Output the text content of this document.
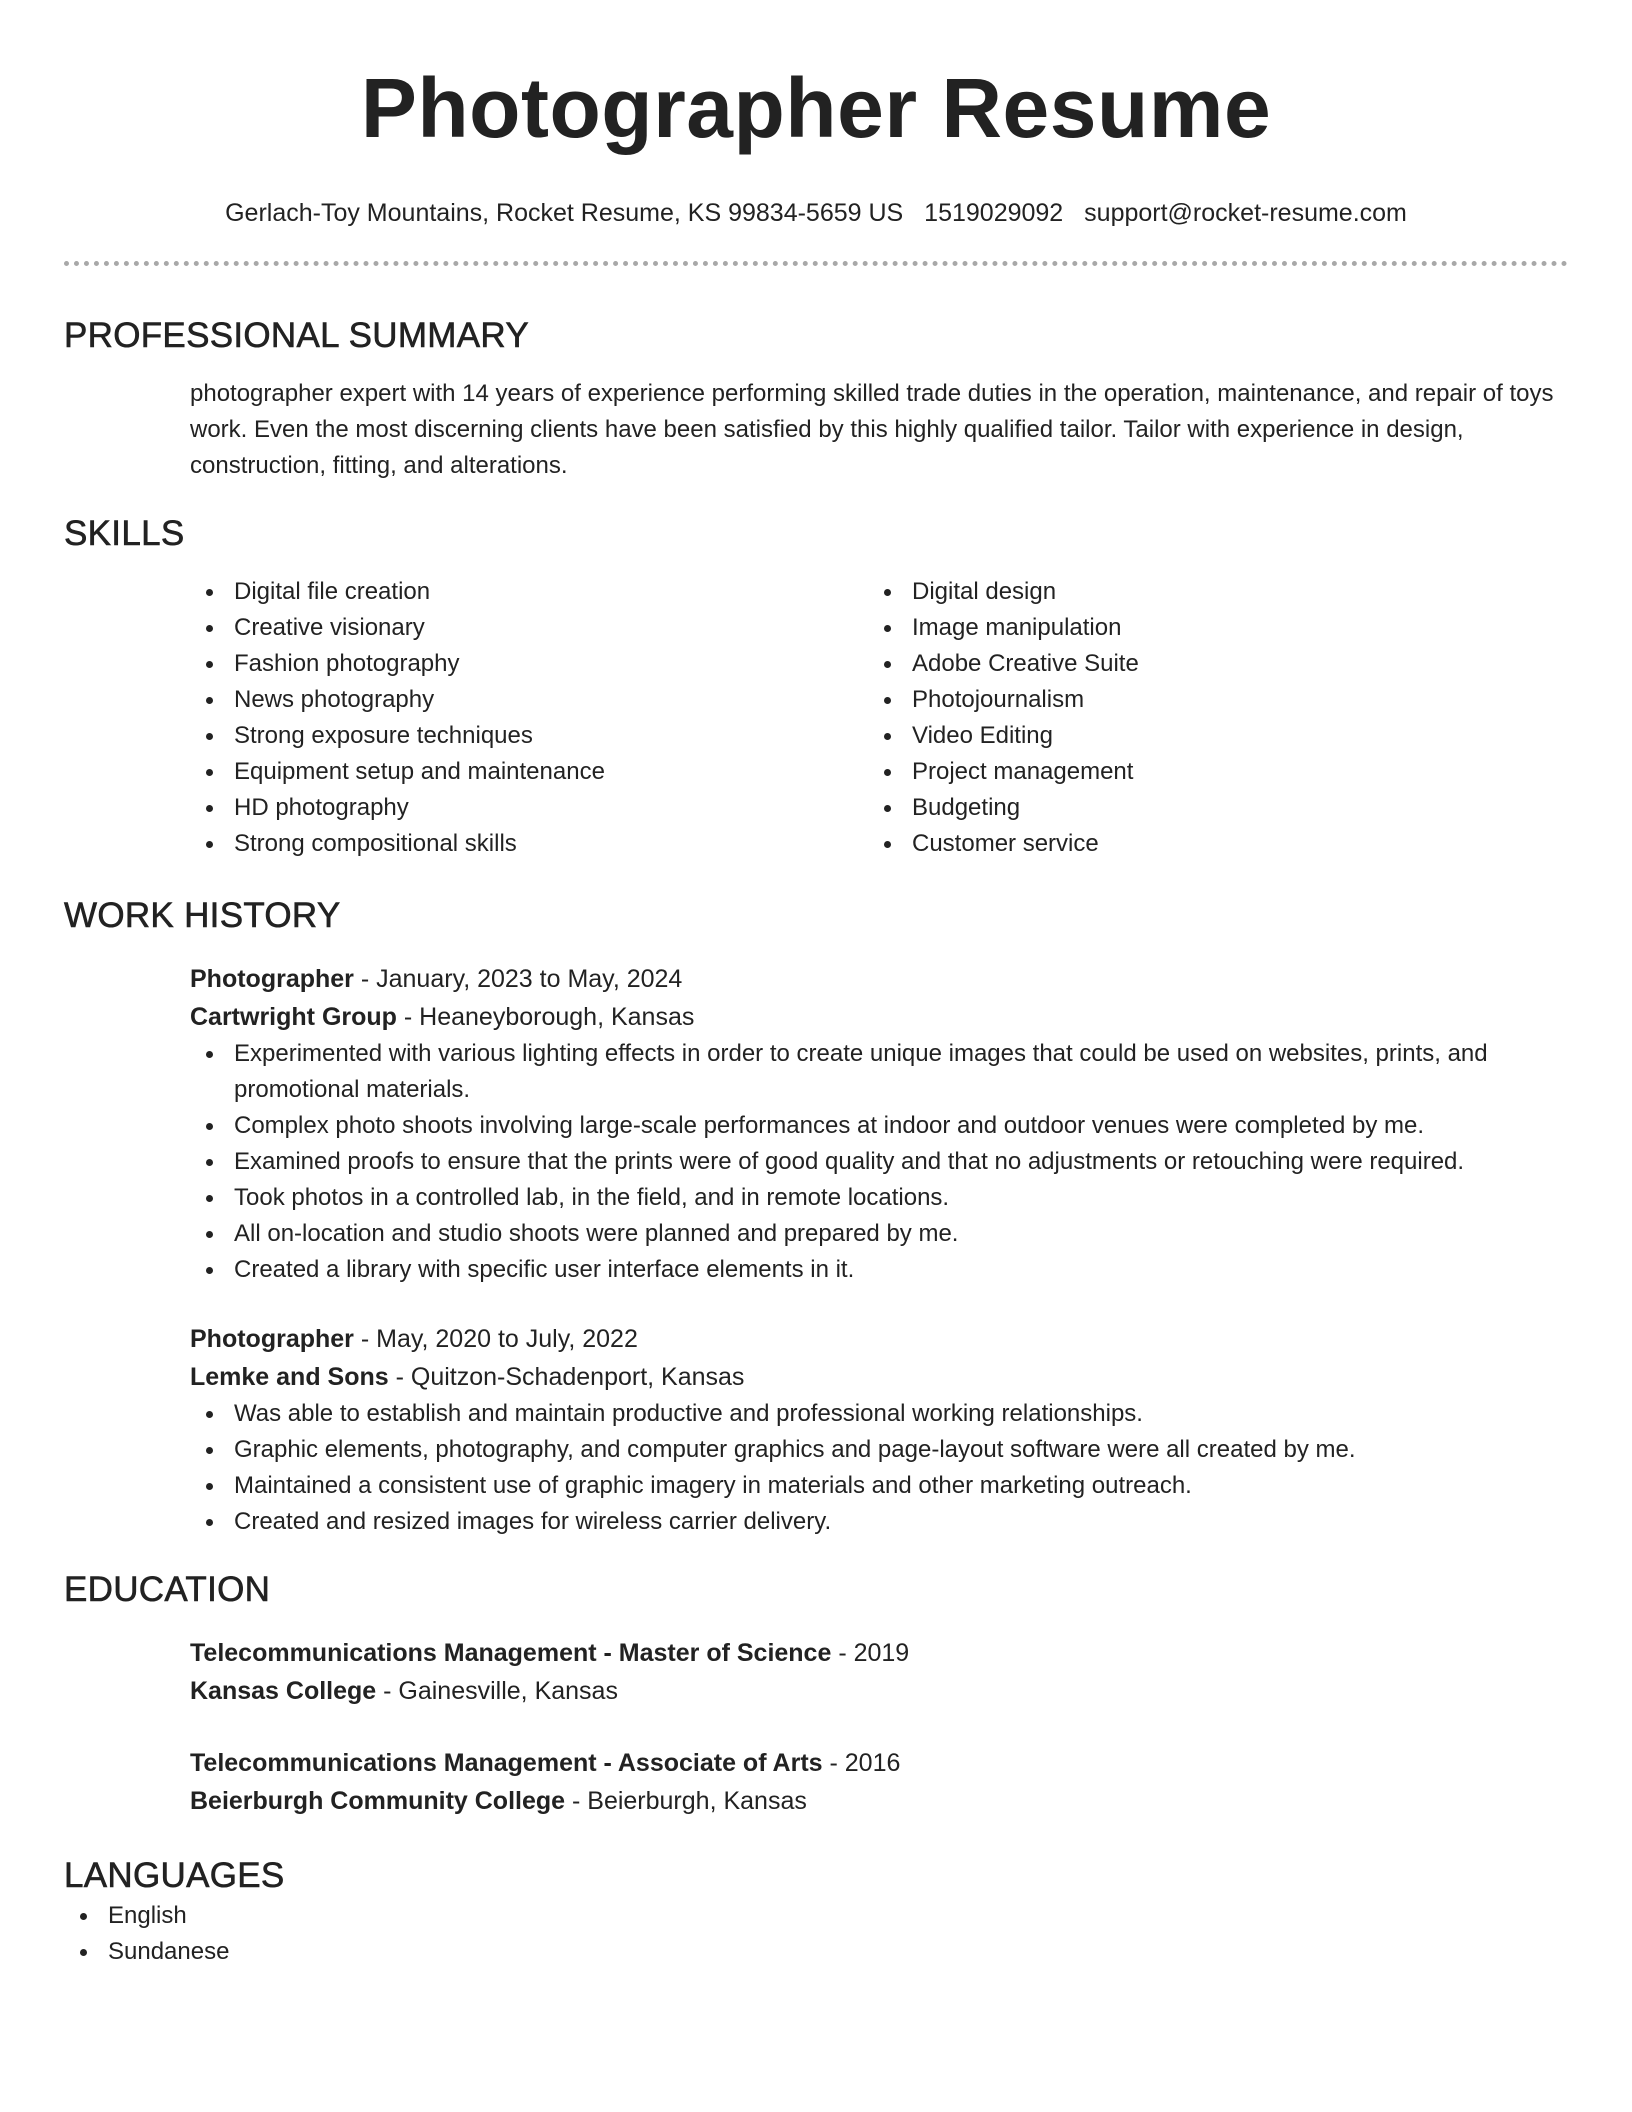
Photographer Resume
Gerlach-Toy Mountains, Rocket Resume, KS 99834-5659 US 1519029092 support@rocket-resume.com
PROFESSIONAL SUMMARY

photographer expert with 14 years of experience performing skilled trade duties in the operation, maintenance, and repair of toys work. Even the most discerning clients have been satisfied by this highly qualified tailor. Tailor with experience in design, construction, fitting, and alterations.

SKILLS
Digital file creation
Creative visionary
Fashion photography
News photography
Strong exposure techniques
Equipment setup and maintenance
HD photography
Strong compositional skills
Digital design
Image manipulation
Adobe Creative Suite
Photojournalism
Video Editing
Project management
Budgeting
Customer service
WORK HISTORY
Photographer - January, 2023 to May, 2024
Cartwright Group - Heaneyborough, Kansas
Experimented with various lighting effects in order to create unique images that could be used on websites, prints, and promotional materials.
Complex photo shoots involving large-scale performances at indoor and outdoor venues were completed by me.
Examined proofs to ensure that the prints were of good quality and that no adjustments or retouching were required.
Took photos in a controlled lab, in the field, and in remote locations.
All on-location and studio shoots were planned and prepared by me.
Created a library with specific user interface elements in it.
Photographer - May, 2020 to July, 2022
Lemke and Sons - Quitzon-Schadenport, Kansas
Was able to establish and maintain productive and professional working relationships.
Graphic elements, photography, and computer graphics and page-layout software were all created by me.
Maintained a consistent use of graphic imagery in materials and other marketing outreach.
Created and resized images for wireless carrier delivery.
EDUCATION
Telecommunications Management - Master of Science - 2019
Kansas College - Gainesville, Kansas
Telecommunications Management - Associate of Arts - 2016
Beierburgh Community College - Beierburgh, Kansas
LANGUAGES
English
Sundanese
